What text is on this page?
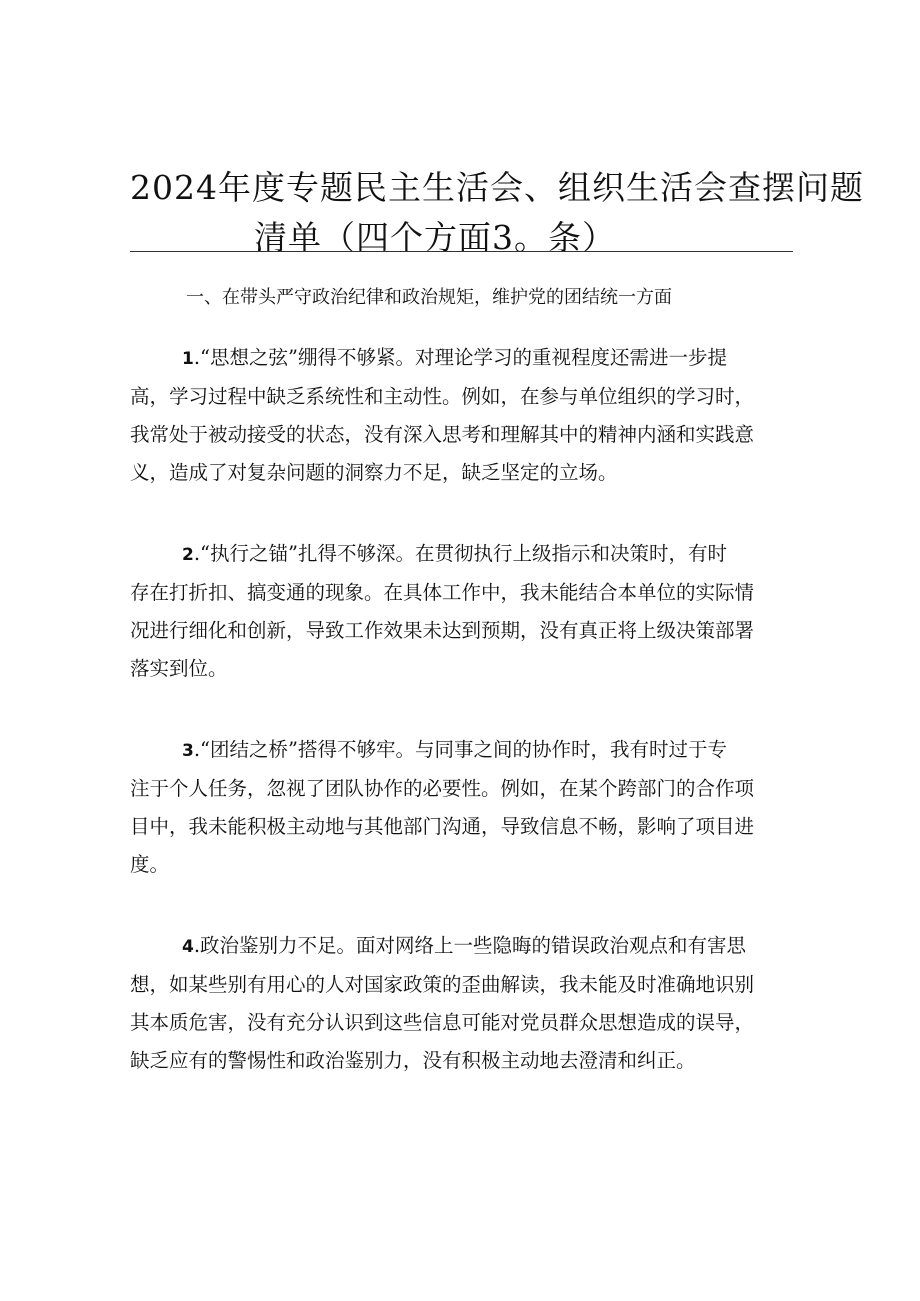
2024年度专题民主生活会、组织生活会查摆问题
清单（四个方面3。条）
一、在带头严守政治纪律和政治规矩，维护党的团结统一方面
1.“思想之弦”绷得不够紧。对理论学习的重视程度还需进一步提
高，学习过程中缺乏系统性和主动性。例如，在参与单位组织的学习时，
我常处于被动接受的状态，没有深入思考和理解其中的精神内涵和实践意
义，造成了对复杂问题的洞察力不足，缺乏坚定的立场。
2.“执行之锚”扎得不够深。在贯彻执行上级指示和决策时，有时
存在打折扣、搞变通的现象。在具体工作中，我未能结合本单位的实际情
况进行细化和创新，导致工作效果未达到预期，没有真正将上级决策部署
落实到位。
3.“团结之桥”搭得不够牢。与同事之间的协作时，我有时过于专
注于个人任务，忽视了团队协作的必要性。例如，在某个跨部门的合作项
目中，我未能积极主动地与其他部门沟通，导致信息不畅，影响了项目进
度。
4.政治鉴别力不足。面对网络上一些隐晦的错误政治观点和有害思
想，如某些别有用心的人对国家政策的歪曲解读，我未能及时准确地识别
其本质危害，没有充分认识到这些信息可能对党员群众思想造成的误导，
缺乏应有的警惕性和政治鉴别力，没有积极主动地去澄清和纠正。
